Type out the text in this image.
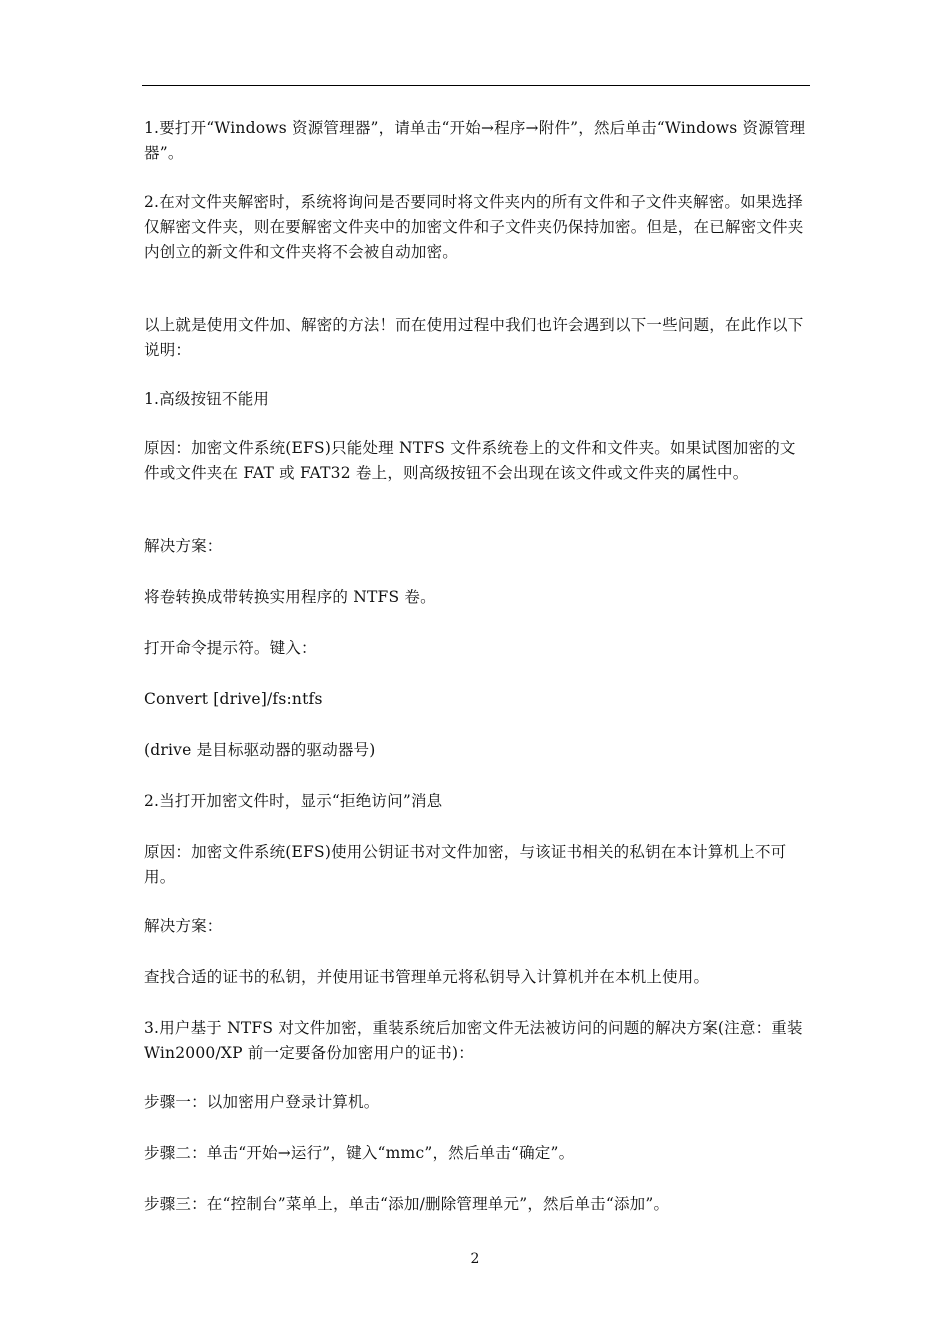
1.要打开“Windows 资源管理器”，请单击“开始→程序→附件”，然后单击“Windows 资源管理器”。

2.在对文件夹解密时，系统将询问是否要同时将文件夹内的所有文件和子文件夹解密。如果选择仅解密文件夹，则在要解密文件夹中的加密文件和子文件夹仍保持加密。但是，在已解密文件夹内创立的新文件和文件夹将不会被自动加密。

以上就是使用文件加、解密的方法！而在使用过程中我们也许会遇到以下一些问题，在此作以下说明：

1.高级按钮不能用

原因：加密文件系统(EFS)只能处理 NTFS 文件系统卷上的文件和文件夹。如果试图加密的文件或文件夹在 FAT 或 FAT32 卷上，则高级按钮不会出现在该文件或文件夹的属性中。

解决方案：

将卷转换成带转换实用程序的 NTFS 卷。

打开命令提示符。键入：

Convert [drive]/fs:ntfs

(drive 是目标驱动器的驱动器号)

2.当打开加密文件时，显示“拒绝访问”消息

原因：加密文件系统(EFS)使用公钥证书对文件加密，与该证书相关的私钥在本计算机上不可用。

解决方案：

查找合适的证书的私钥，并使用证书管理单元将私钥导入计算机并在本机上使用。

3.用户基于 NTFS 对文件加密，重装系统后加密文件无法被访问的问题的解决方案(注意：重装 Win2000/XP 前一定要备份加密用户的证书)：

步骤一：以加密用户登录计算机。

步骤二：单击“开始→运行”，键入“mmc”，然后单击“确定”。

步骤三：在“控制台”菜单上，单击“添加/删除管理单元”，然后单击“添加”。

2
